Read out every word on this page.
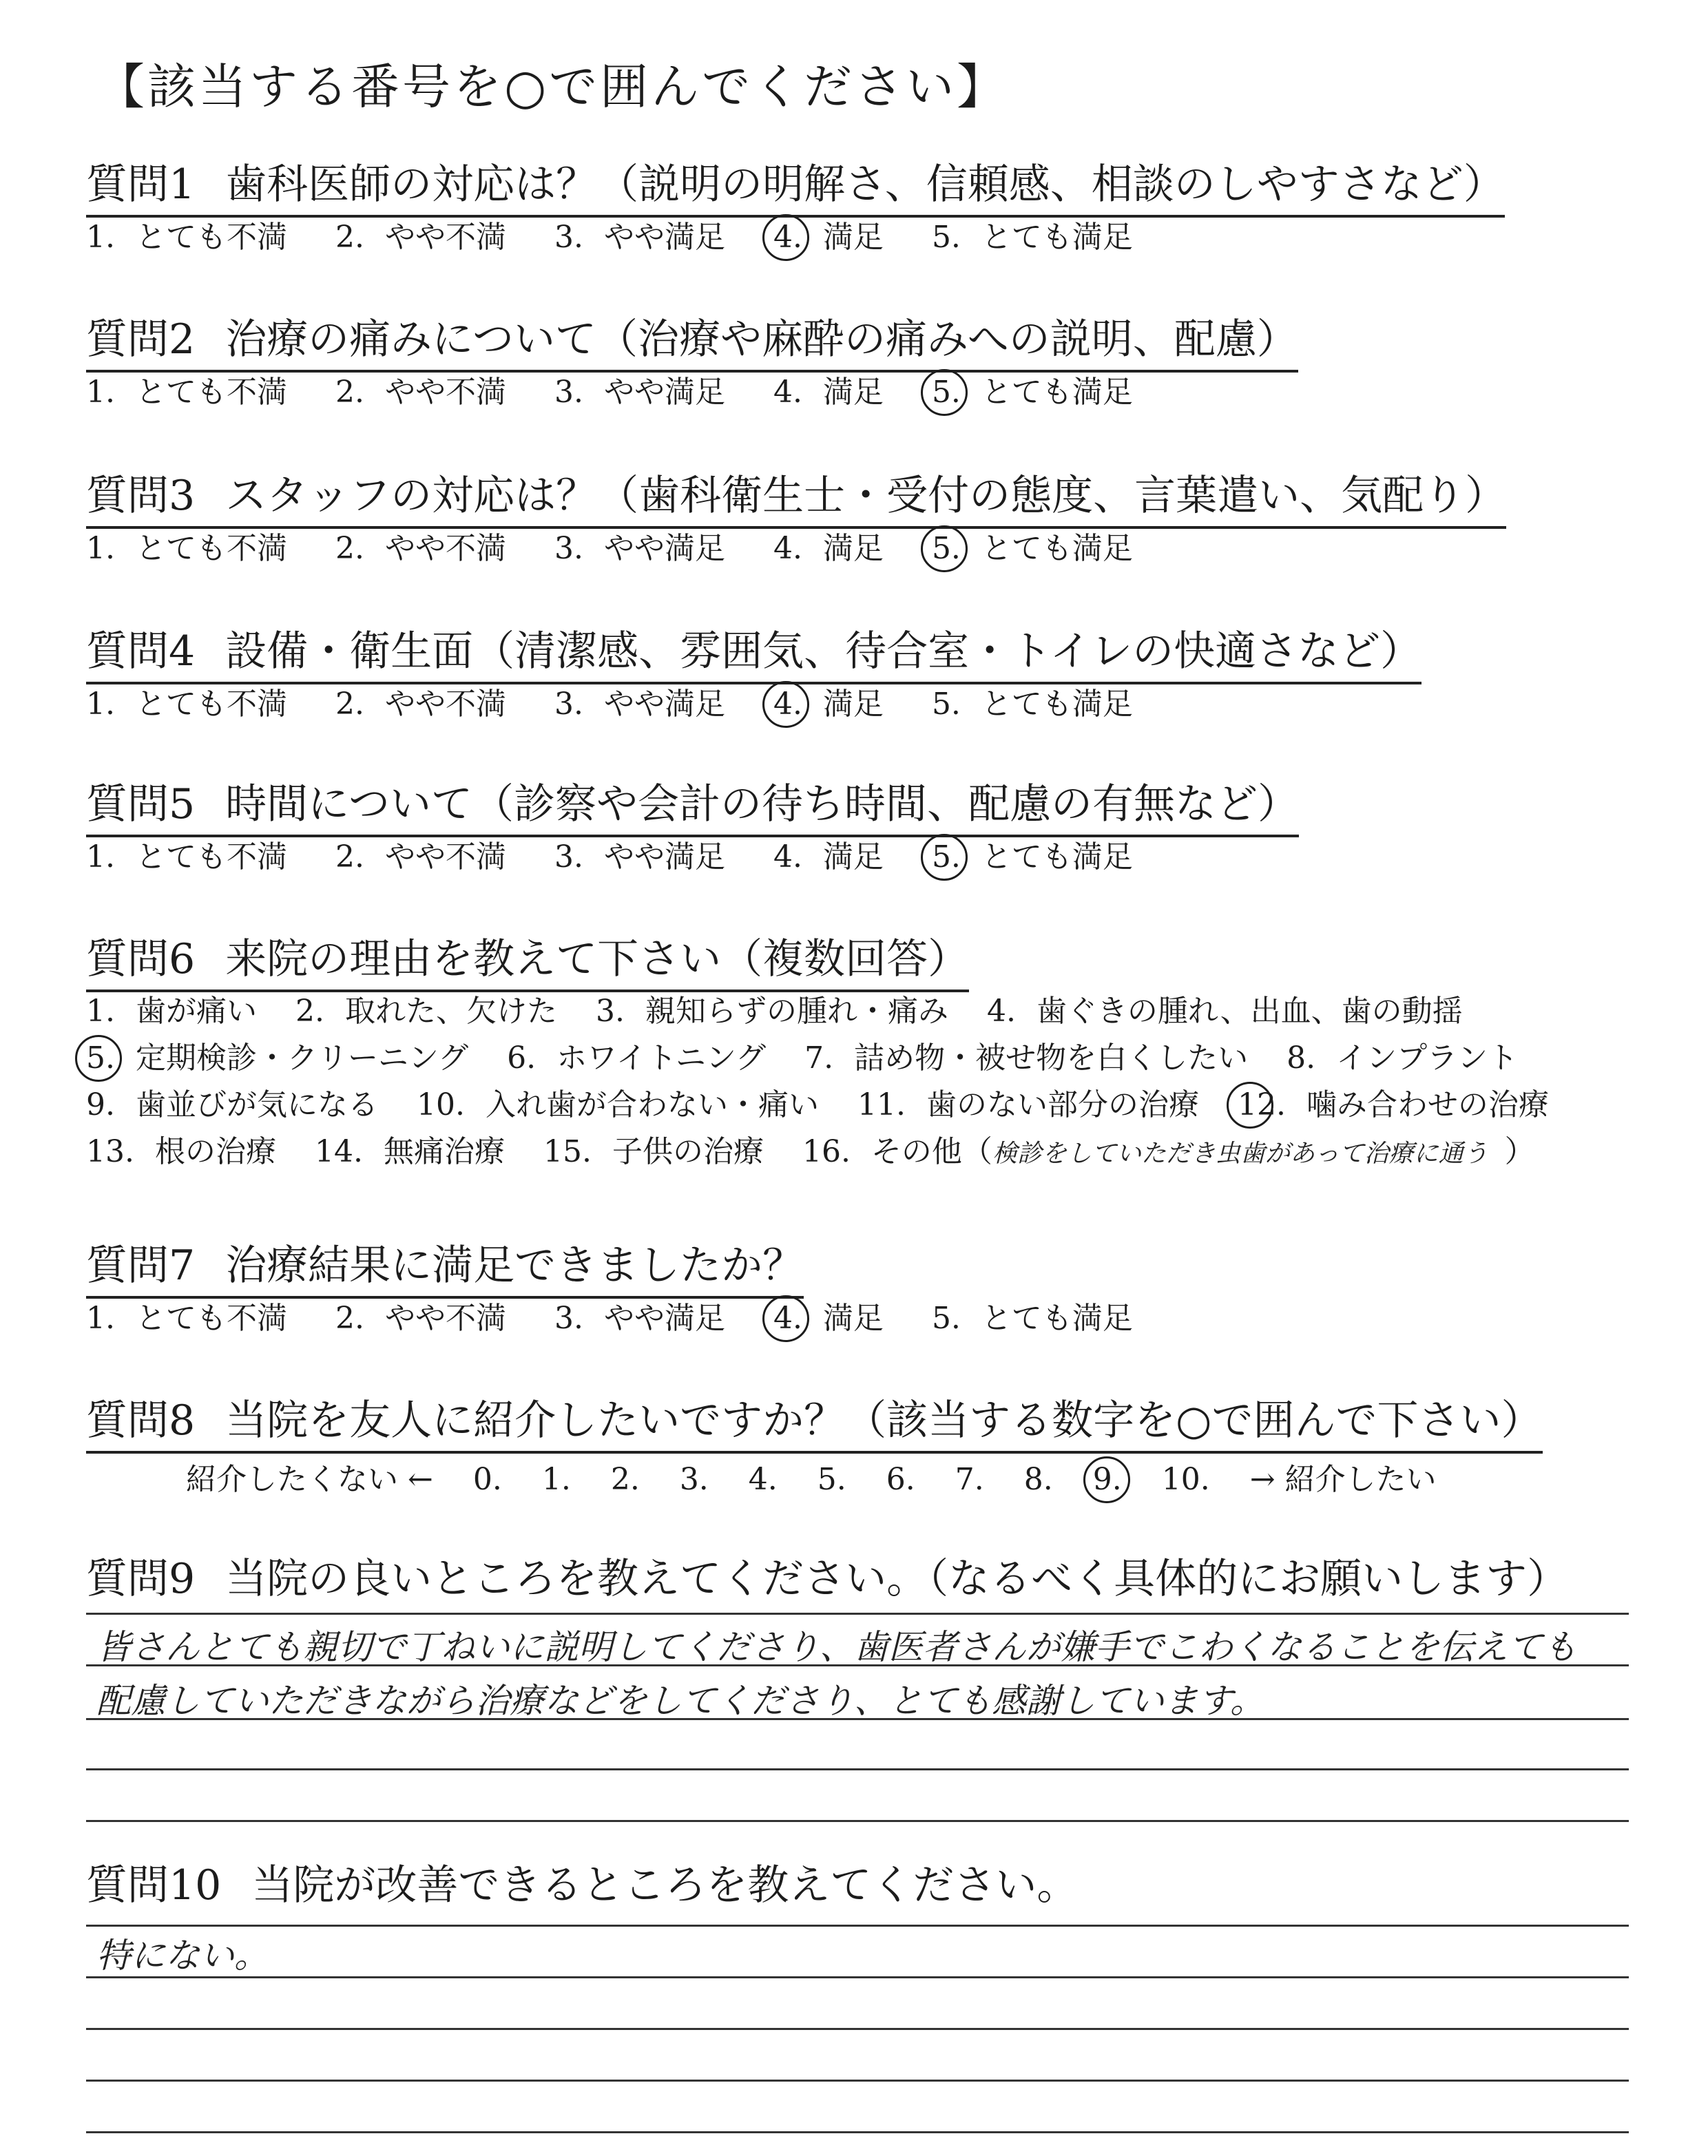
【該当する番号を○で囲んでください】
質問1 歯科医師の対応は？（説明の明解さ、信頼感、相談のしやすさなど）
1. とても不満 2. やや不満 3. やや満足 4. 満足 5. とても満足
質問2 治療の痛みについて（治療や麻酔の痛みへの説明、配慮）
1. とても不満 2. やや不満 3. やや満足 4. 満足 5. とても満足
質問3 スタッフの対応は？（歯科衛生士・受付の態度、言葉遣い、気配り）
1. とても不満 2. やや不満 3. やや満足 4. 満足 5. とても満足
質問4 設備・衛生面（清潔感、雰囲気、待合室・トイレの快適さなど）
1. とても不満 2. やや不満 3. やや満足 4. 満足 5. とても満足
質問5 時間について（診察や会計の待ち時間、配慮の有無など）
1. とても不満 2. やや不満 3. やや満足 4. 満足 5. とても満足
質問6 来院の理由を教えて下さい（複数回答）
1. 歯が痛い 2. 取れた、欠けた 3. 親知らずの腫れ・痛み 4. 歯ぐきの腫れ、出血、歯の動揺
5. 定期検診・クリーニング 6. ホワイトニング 7. 詰め物・被せ物を白くしたい 8. インプラント
9. 歯並びが気になる 10. 入れ歯が合わない・痛い 11. 歯のない部分の治療 12. 噛み合わせの治療
13. 根の治療 14. 無痛治療 15. 子供の治療 16. その他（検診をしていただき虫歯があって治療に通う ）
質問7 治療結果に満足できましたか？
1. とても不満 2. やや不満 3. やや満足 4. 満足 5. とても満足
質問8 当院を友人に紹介したいですか？（該当する数字を○で囲んで下さい）
紹介したくない ← 0. 1. 2. 3. 4. 5. 6. 7. 8. 9. 10. → 紹介したい
質問9 当院の良いところを教えてください。（なるべく具体的にお願いします）
皆さんとても親切で丁ねいに説明してくださり、歯医者さんが嫌手でこわくなることを伝えても
配慮していただきながら治療などをしてくださり、とても感謝しています。
質問10 当院が改善できるところを教えてください。
特にない。
